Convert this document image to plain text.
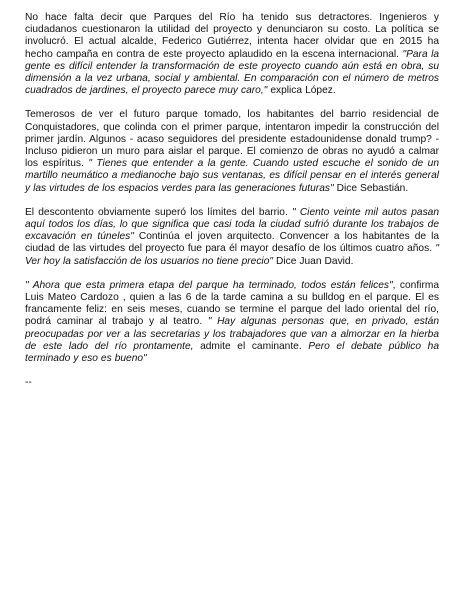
No hace falta decir que Parques del Río ha tenido sus detractores. Ingenieros y ciudadanos cuestionaron la utilidad del proyecto y denunciaron su costo. La política se involucró. El actual alcalde, Federico Gutiérrez, intenta hacer olvidar que en 2015 ha hecho campaña en contra de este proyecto aplaudido en la escena internacional. "Para la gente es difícil entender la transformación de este proyecto cuando aún está en obra, su dimensión a la vez urbana, social y ambiental. En comparación con el número de metros cuadrados de jardines, el proyecto parece muy caro," explica López.

Temerosos de ver el futuro parque tomado, los habitantes del barrio residencial de Conquistadores, que colinda con el primer parque, intentaron impedir la construcción del primer jardín. Algunos - acaso seguidores del presidente estadounidense donald trump? - Incluso pidieron un muro para aislar el parque. El comienzo de obras no ayudó a calmar los espíritus. " Tienes que entender a la gente. Cuando usted escuche el sonido de un martillo neumático a medianoche bajo sus ventanas, es difícil pensar en el interés general y las virtudes de los espacios verdes para las generaciones futuras" Dice Sebastián.

El descontento obviamente superó los límites del barrio. " Ciento veinte mil autos pasan aquí todos los días, lo que significa que casi toda la ciudad sufrió durante los trabajos de excavación en túneles" Continúa el joven arquitecto. Convencer a los habitantes de la ciudad de las virtudes del proyecto fue para él mayor desafío de los últimos cuatro años. " Ver hoy la satisfacción de los usuarios no tiene precio" Dice Juan David.

" Ahora que esta primera etapa del parque ha terminado, todos están felices", confirma Luis Mateo Cardozo , quien a las 6 de la tarde camina a su bulldog en el parque. El es francamente feliz: en seis meses, cuando se termine el parque del lado oriental del río, podrá caminar al trabajo y al teatro. " Hay algunas personas que, en privado, están preocupadas por ver a las secretarias y los trabajadores que van a almorzar en la hierba de este lado del río prontamente, admite el caminante. Pero el debate público ha terminado y eso es bueno"

--
